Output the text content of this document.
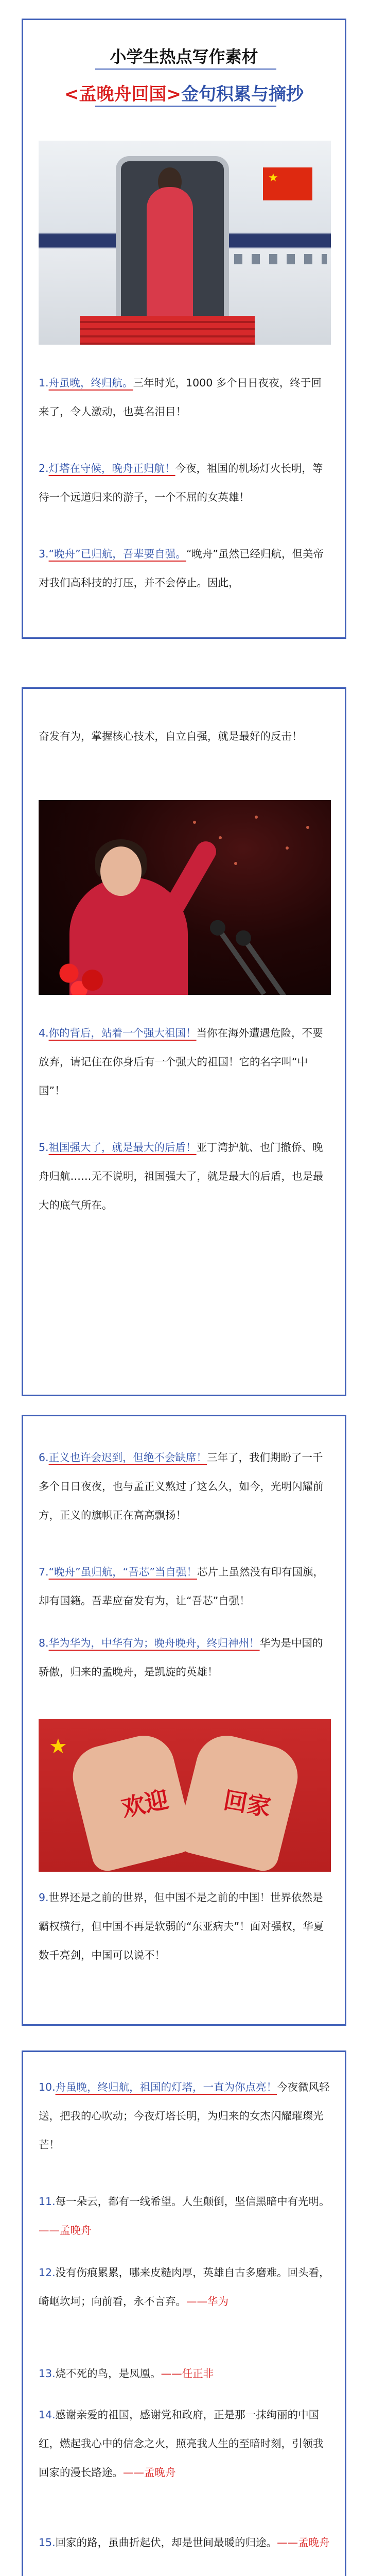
小学生热点写作素材
<孟晚舟回国>金句积累与摘抄
★
1.舟虽晚，终归航。三年时光，1000 多个日日夜夜，终于回来了，令人激动，也莫名泪目！
2.灯塔在守候，晚舟正归航！今夜，祖国的机场灯火长明，等待一个远道归来的游子，一个不屈的女英雄！
3.“晚舟”已归航，吾辈要自强。“晚舟”虽然已经归航，但美帝对我们高科技的打压，并不会停止。因此，
奋发有为，掌握核心技术，自立自强，就是最好的反击！
4.你的背后，站着一个强大祖国！当你在海外遭遇危险，不要放弃，请记住在你身后有一个强大的祖国！它的名字叫“中国”！
5.祖国强大了，就是最大的后盾！亚丁湾护航、也门撤侨、晚舟归航……无不说明，祖国强大了，就是最大的后盾，也是最大的底气所在。
6.正义也许会迟到，但绝不会缺席！三年了，我们期盼了一千多个日日夜夜，也与孟正义熬过了这么久，如今，光明闪耀前方，正义的旗帜正在高高飘扬！
7.“晚舟”虽归航，“吾芯”当自强！芯片上虽然没有印有国旗，却有国籍。吾辈应奋发有为，让“吾芯”自强！
8.华为华为，中华有为；晚舟晚舟，终归神州！华为是中国的骄傲，归来的孟晚舟，是凯旋的英雄！
★
欢迎 回家
9.世界还是之前的世界，但中国不是之前的中国！世界依然是霸权横行，但中国不再是软弱的“东亚病夫”！面对强权，华夏数千亮剑，中国可以说不！
10.舟虽晚，终归航，祖国的灯塔，一直为你点亮！今夜微风轻送，把我的心吹动；今夜灯塔长明，为归来的女杰闪耀璀璨光芒！
11.每一朵云，都有一线希望。人生颠倒，坚信黑暗中有光明。——孟晚舟
12.没有伤痕累累，哪来皮糙肉厚，英雄自古多磨难。回头看，崎岖坎坷；向前看，永不言弃。——华为
13.烧不死的鸟，是凤凰。——任正非
14.感谢亲爱的祖国，感谢党和政府，正是那一抹绚丽的中国红，燃起我心中的信念之火，照亮我人生的至暗时刻，引领我回家的漫长路途。——孟晚舟
15.回家的路，虽曲折起伏，却是世间最暖的归途。——孟晚舟
